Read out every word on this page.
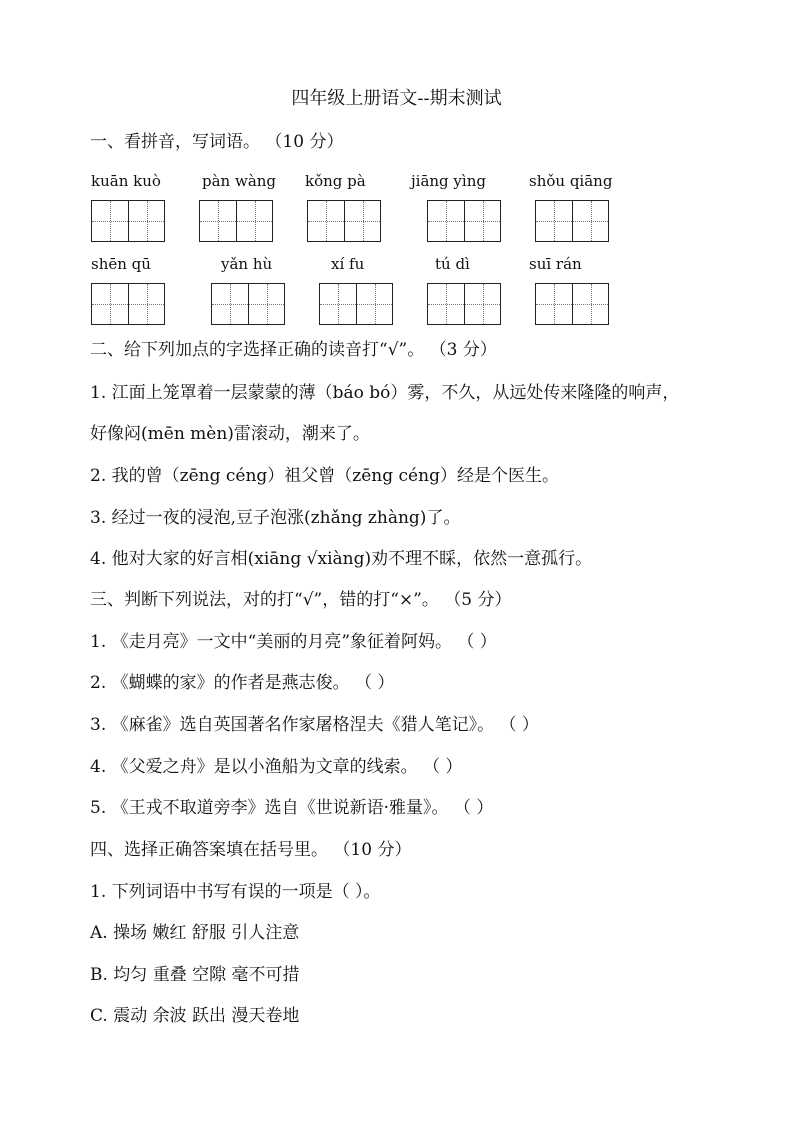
四年级上册语文--期末测试
一、看拼音，写词语。 （10 分）
kuān kuò	pàn wàng kǒng pà	jiāng yìng	shǒu qiāng
shēn qū	yǎn hù	xí fu	tú dì	suī rán
二、给下列加点的字选择正确的读音打“√”。 （3 分）
1. 江面上笼罩着一层蒙蒙的薄（báo bó）雾，不久，从远处传来隆隆的响声，
好像闷(mēn mèn)雷滚动，潮来了。
2. 我的曾（zēng céng）祖父曾（zēng céng）经是个医生。
3. 经过一夜的浸泡,豆子泡涨(zhǎng zhàng)了。
4. 他对大家的好言相(xiāng √xiàng)劝不理不睬，依然一意孤行。
三、判断下列说法，对的打“√”，错的打“×”。 （5 分）
1. 《走月亮》一文中“美丽的月亮”象征着阿妈。 （ ）
2. 《蝴蝶的家》的作者是燕志俊。 （ ）
3. 《麻雀》选自英国著名作家屠格涅夫《猎人笔记》。 （ ）
4. 《父爱之舟》是以小渔船为文章的线索。 （ ）
5. 《王戎不取道旁李》选自《世说新语·雅量》。 （ ）
四、选择正确答案填在括号里。 （10 分）
1. 下列词语中书写有误的一项是（ ）。
A. 操场 嫩红 舒服 引人注意
B. 均匀 重叠 空隙 毫不可措
C. 震动 余波 跃出 漫天卷地
